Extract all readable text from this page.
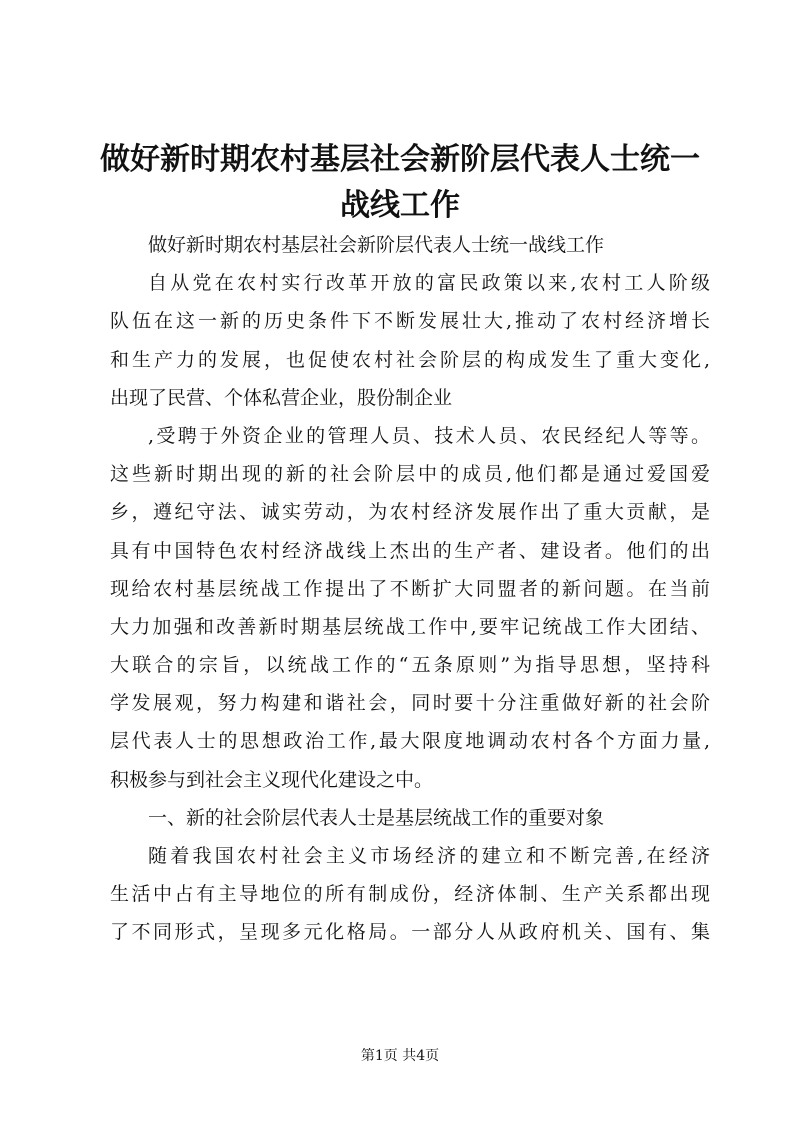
做好新时期农村基层社会新阶层代表人士统一
战线工作
做好新时期农村基层社会新阶层代表人士统一战线工作
自从党在农村实行改革开放的富民政策以来,农村工人阶级
队伍在这一新的历史条件下不断发展壮大,推动了农村经济增长
和生产力的发展，也促使农村社会阶层的构成发生了重大变化,
出现了民营、个体私营企业，股份制企业
,受聘于外资企业的管理人员、技术人员、农民经纪人等等。
这些新时期出现的新的社会阶层中的成员,他们都是通过爱国爱
乡，遵纪守法、诚实劳动，为农村经济发展作出了重大贡献，是
具有中国特色农村经济战线上杰出的生产者、建设者。他们的出
现给农村基层统战工作提出了不断扩大同盟者的新问题。在当前
大力加强和改善新时期基层统战工作中,要牢记统战工作大团结、
大联合的宗旨，以统战工作的“五条原则”为指导思想，坚持科
学发展观，努力构建和谐社会，同时要十分注重做好新的社会阶
层代表人士的思想政治工作,最大限度地调动农村各个方面力量,
积极参与到社会主义现代化建设之中。
一、新的社会阶层代表人士是基层统战工作的重要对象
随着我国农村社会主义市场经济的建立和不断完善,在经济
生活中占有主导地位的所有制成份，经济体制、生产关系都出现
了不同形式，呈现多元化格局。一部分人从政府机关、国有、集
第1页 共4页
